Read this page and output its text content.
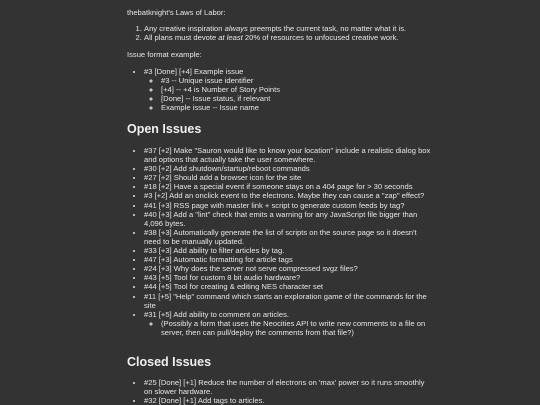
thebatknight's Laws of Labor:

1. Any creative inspiration always preempts the current task, no matter what it is.
2. All plans must devote at least 20% of resources to unfocused creative work.

Issue format example:

• #3 [Done] [+4] Example issue
◦ #3 -- Unique issue identifier
◦ [+4] -- +4 is Number of Story Points
◦ [Done] -- Issue status, if relevant
◦ Example issue -- Issue name
Open Issues
• #37 [+2] Make "Sauron would like to know your location" include a realistic dialog box and options that actually take the user somewhere.
• #30 [+2] Add shutdown/startup/reboot commands
• #27 [+2] Should add a browser icon for the site
• #18 [+2] Have a special event if someone stays on a 404 page for > 30 seconds
• #3 [+2] Add an onclick event to the electrons. Maybe they can cause a "zap" effect?
• #41 [+3] RSS page with master link + script to generate custom feeds by tag?
• #40 [+3] Add a "lint" check that emits a warning for any JavaScript file bigger than 4,096 bytes.
• #38 [+3] Automatically generate the list of scripts on the source page so it doesn't need to be manually updated.
• #33 [+3] Add ability to filter articles by tag.
• #47 [+3] Automatic formatting for article tags
• #24 [+3] Why does the server not serve compressed svgz files?
• #43 [+5] Tool for custom 8 bit audio hardware?
• #44 [+5] Tool for creating & editing NES character set
• #11 [+5] "Help" command which starts an exploration game of the commands for the site
• #31 [+5] Add ability to comment on articles.
◦ (Possibly a form that uses the Neocities API to write new comments to a file on server, then can pull/deploy the comments from that file?)
Closed Issues
• #25 [Done] [+1] Reduce the number of electrons on 'max' power so it runs smoothly on slower hardware.
• #32 [Done] [+1] Add tags to articles.
